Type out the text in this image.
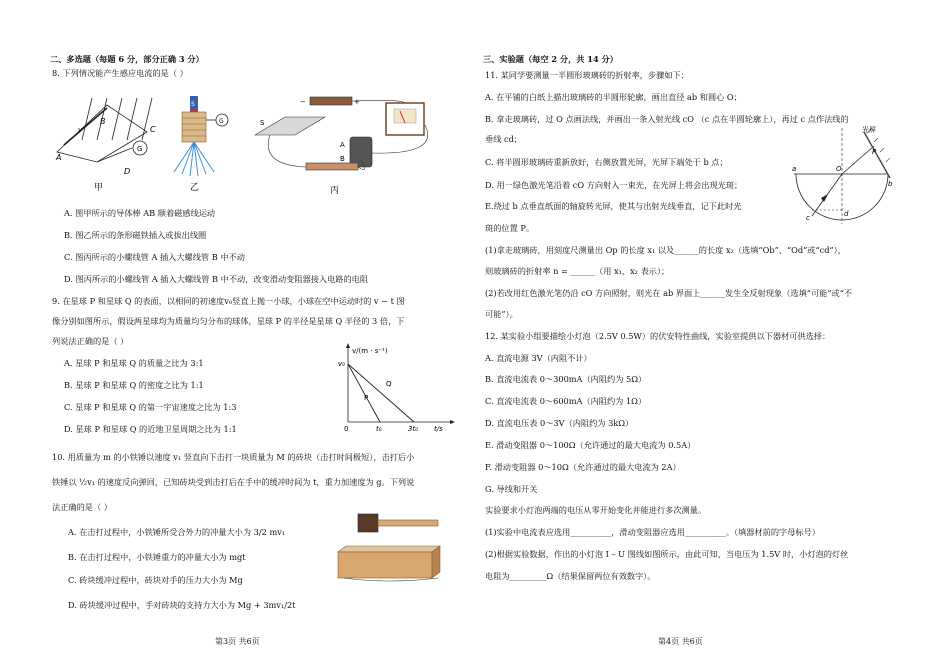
二、多选题（每题 6 分，部分正确 3 分）
8. 下列情况能产生感应电流的是（ ）
G
A
B
C
D
v
甲
S
G
乙
−	+
S
A
B
丙
A. 图甲所示的导体棒 AB 顺着磁感线运动
B. 图乙所示的条形磁铁插入或拔出线圈
C. 图丙所示的小螺线管 A 插入大螺线管 B 中不动
D. 图丙所示的小螺线管 A 插入大螺线管 B 中不动，改变滑动变阻器接入电路的电阻
9. 在星球 P 和星球 Q 的表面，以相同的初速度v₀竖直上抛一小球，小球在空中运动时的 v − t 图
像分别如图所示，假设两星球均为质量均匀分布的球体，星球 P 的半径是星球 Q 半径的 3 倍，下
列说法正确的是（ ）
A. 星球 P 和星球 Q 的质量之比为 3:1
B. 星球 P 和星球 Q 的密度之比为 1:1
C. 星球 P 和星球 Q 的第一宇宙速度之比为 1:3
D. 星球 P 和星球 Q 的近地卫星周期之比为 1:1
v/(m · s⁻¹)
v₀
0	t₀	3t₀ t/s
P
Q
10. 用质量为 m 的小铁锤以速度 v₁ 竖直向下击打一块质量为 M 的砖块（击打时间极短），击打后小
铁锤以 ½v₁ 的速度反向弹回，已知砖块受到击打后在手中的缓冲时间为 t，重力加速度为 g。下列说
法正确的是（ ）
A. 在击打过程中，小铁锤所受合外力的冲量大小为 3/2 mv₁
B. 在击打过程中，小铁锤重力的冲量大小为 mgt
C. 砖块缓冲过程中，砖块对手的压力大小为 Mg
D. 砖块缓冲过程中，手对砖块的支持力大小为 Mg + 3mv₁/2t
第3页 共6页
三、实验题（每空 2 分，共 14 分）
11. 某同学要测量一半圆形玻璃砖的折射率，步骤如下：
A. 在平铺的白纸上描出玻璃砖的半圆形轮廓，画出直径 ab 和圆心 O；
B. 拿走玻璃砖，过 O 点画法线，并画出一条入射光线 cO （c 点在半圆轮廓上），再过 c 点作法线的
垂线 cd；
C. 将半圆形玻璃砖重新放好，右侧放置光屏，光屏下端处于 b 点；
D. 用一绿色激光笔沿着 cO 方向射入一束光，在光屏上将会出现光斑；
E.绕过 b 点垂直纸面的轴旋转光屏，使其与出射光线垂直，记下此时光
斑的位置 P。
(1)拿走玻璃砖，用刻度尺测量出 Op 的长度 x₁ 以及______的长度 x₂（选填“Ob”、“Od”或“cd”），
则玻璃砖的折射率 n = ______（用 x₁、x₂ 表示）；
(2)若改用红色激光笔仍沿 cO 方向照射，则光在 ab 界面上______发生全反射现象（选填“可能”或“不
可能”）。
光屏
a
b
O
P
c	d
12. 某实验小组要描绘小灯泡（2.5V 0.5W）的伏安特性曲线，实验室提供以下器材可供选择：
A. 直流电源 3V（内阻不计）
B. 直流电流表 0～300mA（内阻约为 5Ω）
C. 直流电流表 0～600mA（内阻约为 1Ω）
D. 直流电压表 0～3V（内阻约为 3kΩ）
E. 滑动变阻器 0～100Ω（允许通过的最大电流为 0.5A）
F. 滑动变阻器 0～10Ω（允许通过的最大电流为 2A）
G. 导线和开关
实验要求小灯泡两端的电压从零开始变化并能进行多次测量。
(1)实验中电流表应选用__________，滑动变阻器应选用__________。（填器材前的字母标号）
(2)根据实验数据，作出的小灯泡 I – U 图线如图所示，由此可知，当电压为 1.5V 时，小灯泡的灯丝
电阻为_________Ω（结果保留两位有效数字）。
第4页 共6页
